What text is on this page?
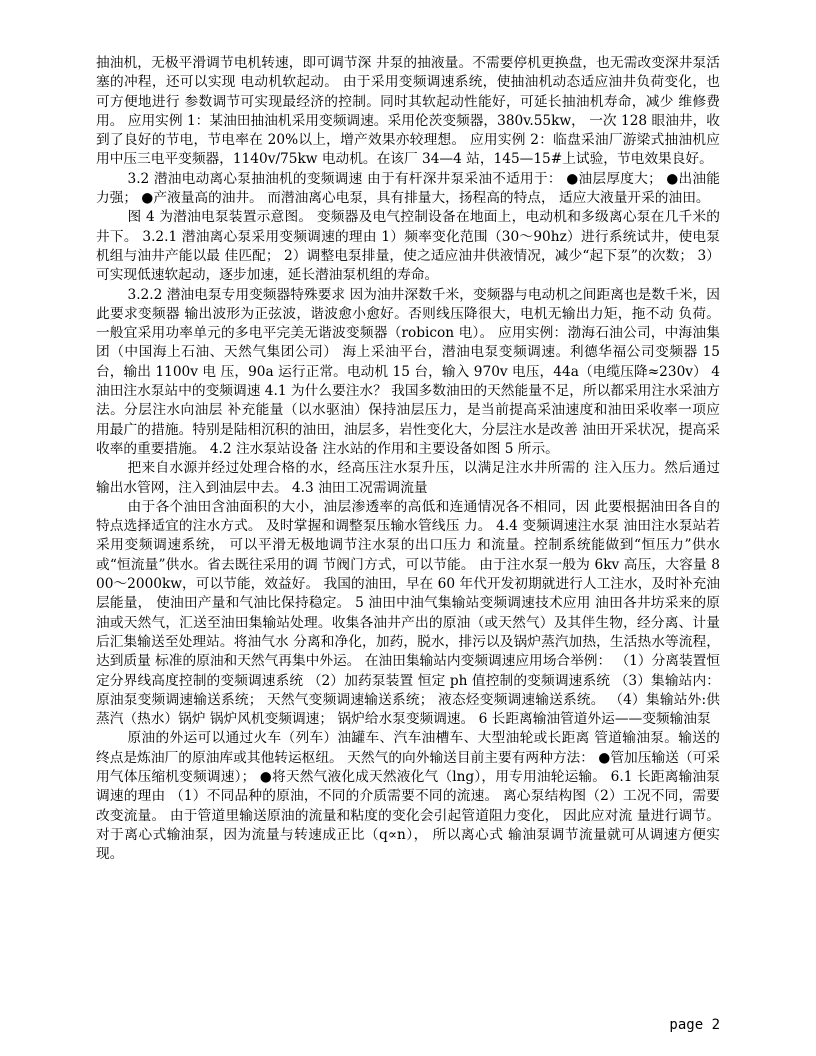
抽油机，无极平滑调节电机转速，即可调节深 井泵的抽液量。不需要停机更换盘，也无需改变深井泵活塞的冲程，还可以实现 电动机软起动。 由于采用变频调速系统，使抽油机动态适应油井负荷变化，也可方便地进行 参数调节可实现最经济的控制。同时其软起动性能好，可延长抽油机寿命，减少 维修费用。 应用实例 1：某油田抽油机采用变频调速。采用伦茨变频器，380v.55kw， 一次 128 眼油井，收到了良好的节电，节电率在 20%以上，增产效果亦较理想。 应用实例 2：临盘采油厂游梁式抽油机应用中压三电平变频器，1140v/75kw 电动机。在该厂 34—4 站，145—15#上试验，节电效果良好。

3.2 潜油电动离心泵抽油机的变频调速 由于有杆深井泵采油不适用于： ●油层厚度大； ●出油能力强； ●产液量高的油井。 而潜油离心电泵，具有排量大，扬程高的特点， 适应大液量开采的油田。

图 4 为潜油电泵装置示意图。 变频器及电气控制设备在地面上，电动机和多级离心泵在几千米的井下。 3.2.1 潜油离心泵采用变频调速的理由 1）频率变化范围（30～90hz）进行系统试井，使电泵机组与油井产能以最 佳匹配； 2）调整电泵排量，使之适应油井供液情况，减少“起下泵”的次数； 3）可实现低速软起动，逐步加速，延长潜油泵机组的寿命。

3.2.2 潜油电泵专用变频器特殊要求 因为油井深数千米，变频器与电动机之间距离也是数千米，因此要求变频器 输出波形为正弦波，谐波愈小愈好。否则线压降很大，电机无输出力矩，拖不动 负荷。一般宜采用功率单元的多电平完美无谐波变频器（robicon 电）。 应用实例：渤海石油公司，中海油集团（中国海上石油、天然气集团公司） 海上采油平台，潜油电泵变频调速。利德华福公司变频器 15 台，输出 1100v 电 压，90a 运行正常。电动机 15 台，输入 970v 电压，44a（电缆压降≈230v） 4 油田注水泵站中的变频调速 4.1 为什么要注水？ 我国多数油田的天然能量不足，所以都采用注水采油方法。分层注水向油层 补充能量（以水驱油）保持油层压力，是当前提高采油速度和油田采收率一项应 用最广的措施。特别是陆相沉积的油田，油层多，岩性变化大，分层注水是改善 油田开采状况，提高采收率的重要措施。 4.2 注水泵站设备 注水站的作用和主要设备如图 5 所示。

把来自水源并经过处理合格的水，经高压注水泵升压，以满足注水井所需的 注入压力。然后通过输出水管网，注入到油层中去。 4.3 油田工况需调流量

由于各个油田含油面积的大小，油层渗透率的高低和连通情况各不相同，因 此要根据油田各自的特点选择适宜的注水方式。 及时掌握和调整泵压输水管线压 力。 4.4 变频调速注水泵 油田注水泵站若采用变频调速系统， 可以平滑无极地调节注水泵的出口压力 和流量。控制系统能做到“恒压力”供水或“恒流量”供水。省去既往采用的调 节阀门方式，可以节能。 由于注水泵一般为 6kv 高压，大容量 800～2000kw，可以节能，效益好。 我国的油田，早在 60 年代开发初期就进行人工注水，及时补充油层能量， 使油田产量和气油比保持稳定。 5 油田中油气集输站变频调速技术应用 油田各井坊采来的原油或天然气，汇送至油田集输站处理。收集各油井产出的原油（或天然气）及其伴生物，经分离、计量后汇集输送至处理站。将油气水 分离和净化，加药，脱水，排污以及锅炉蒸汽加热，生活热水等流程，达到质量 标准的原油和天然气再集中外运。 在油田集输站内变频调速应用场合举例： （1）分离装置恒定分界线高度控制的变频调速系统 （2）加药泵装置 恒定 ph 值控制的变频调速系统 （3）集输站内：原油泵变频调速输送系统； 天然气变频调速输送系统； 液态烃变频调速输送系统。 （4）集输站外:供蒸汽（热水）锅炉 锅炉风机变频调速； 锅炉给水泵变频调速。 6 长距离输油管道外运——变频输油泵

原油的外运可以通过火车（列车）油罐车、汽车油槽车、大型油轮或长距离 管道输油泵。输送的终点是炼油厂的原油库或其他转运枢纽。 天然气的向外输送目前主要有两种方法： ●管加压输送（可采用气体压缩机变频调速）； ●将天然气液化成天然液化气（lng），用专用油轮运输。 6.1 长距离输油泵调速的理由 （1）不同品种的原油，不同的介质需要不同的流速。 离心泵结构图（2）工况不同，需要改变流量。 由于管道里输送原油的流量和粘度的变化会引起管道阻力变化， 因此应对流 量进行调节。对于离心式输油泵，因为流量与转速成正比（q∝n）， 所以离心式 输油泵调节流量就可从调速方便实现。

page 2
